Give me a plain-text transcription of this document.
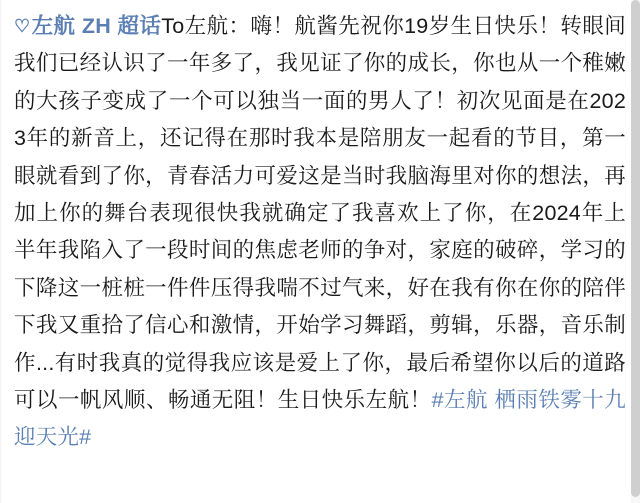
♡左航 ZH 超话To左航：嗨！航酱先祝你19岁生日快乐！转眼间我们已经认识了一年多了，我见证了你的成长，你也从一个稚嫩的大孩子变成了一个可以独当一面的男人了！初次见面是在2023年的新音上，还记得在那时我本是陪朋友一起看的节目，第一眼就看到了你，青春活力可爱这是当时我脑海里对你的想法，再加上你的舞台表现很快我就确定了我喜欢上了你，在2024年上半年我陷入了一段时间的焦虑老师的争对，家庭的破碎，学习的下降这一桩桩一件件压得我喘不过气来，好在我有你在你的陪伴下我又重拾了信心和激情，开始学习舞蹈，剪辑，乐器，音乐制作...有时我真的觉得我应该是爱上了你，最后希望你以后的道路可以一帆风顺、畅通无阻！生日快乐左航！#左航 栖雨铁雾十九迎天光#
